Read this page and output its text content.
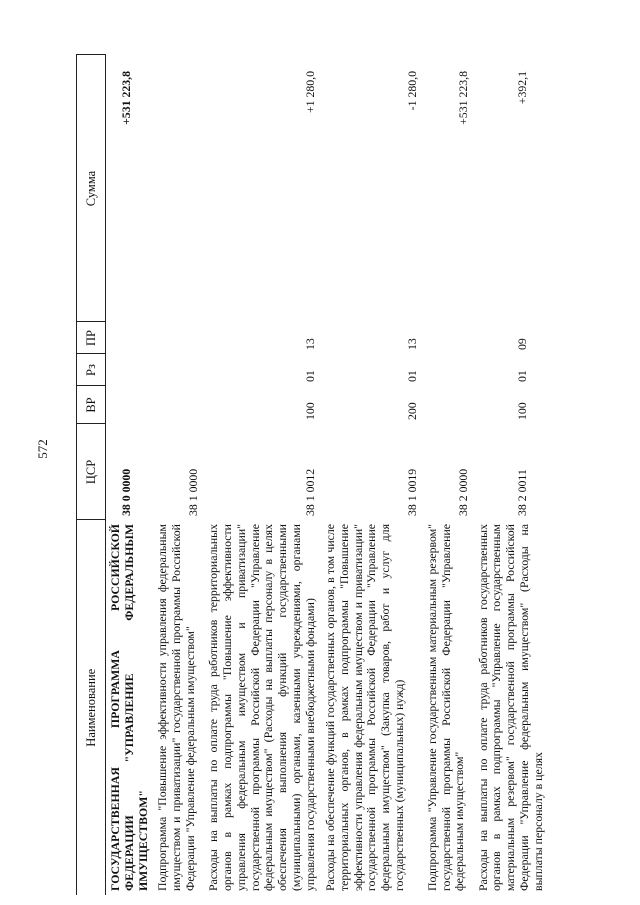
572
Наименование	ЦСР	ВР	Рз	ПР	Сумма
ГОСУДАРСТВЕННАЯ ПРОГРАММА РОССИЙСКОЙ ФЕДЕРАЦИИ "УПРАВЛЕНИЕ ФЕДЕРАЛЬНЫМ ИМУЩЕСТВОМ"	38 0 0000				+531 223,8
Подпрограмма "Повышение эффективности управления федеральным имуществом и приватизации" государственной программы Российской Федерации "Управление федеральным имуществом"	38 1 0000				
Расходы на выплаты по оплате труда работников территориальных органов в рамках подпрограммы "Повышение эффективности управления федеральным имуществом и приватизации" государственной программы Российской Федерации "Управление федеральным имуществом" (Расходы на выплаты персоналу в целях обеспечения выполнения функций государственными (муниципальными) органами, казенными учреждениями, органами управления государственными внебюджетными фондами)	38 1 0012	100	01	13	+1 280,0
Расходы на обеспечение функций государственных органов, в том числе территориальных органов, в рамках подпрограммы "Повышение эффективности управления федеральным имуществом и приватизации" государственной программы Российской Федерации "Управление федеральным имуществом" (Закупка товаров, работ и услуг для государственных (муниципальных) нужд)	38 1 0019	200	01	13	-1 280,0
Подпрограмма "Управление государственным материальным резервом" государственной программы Российской Федерации "Управление федеральным имуществом"	38 2 0000				+531 223,8
Расходы на выплаты по оплате труда работников государственных органов в рамках подпрограммы "Управление государственным материальным резервом" государственной программы Российской Федерации "Управление федеральным имуществом" (Расходы на выплаты персоналу в целях	38 2 0011	100	01	09	+392,1
